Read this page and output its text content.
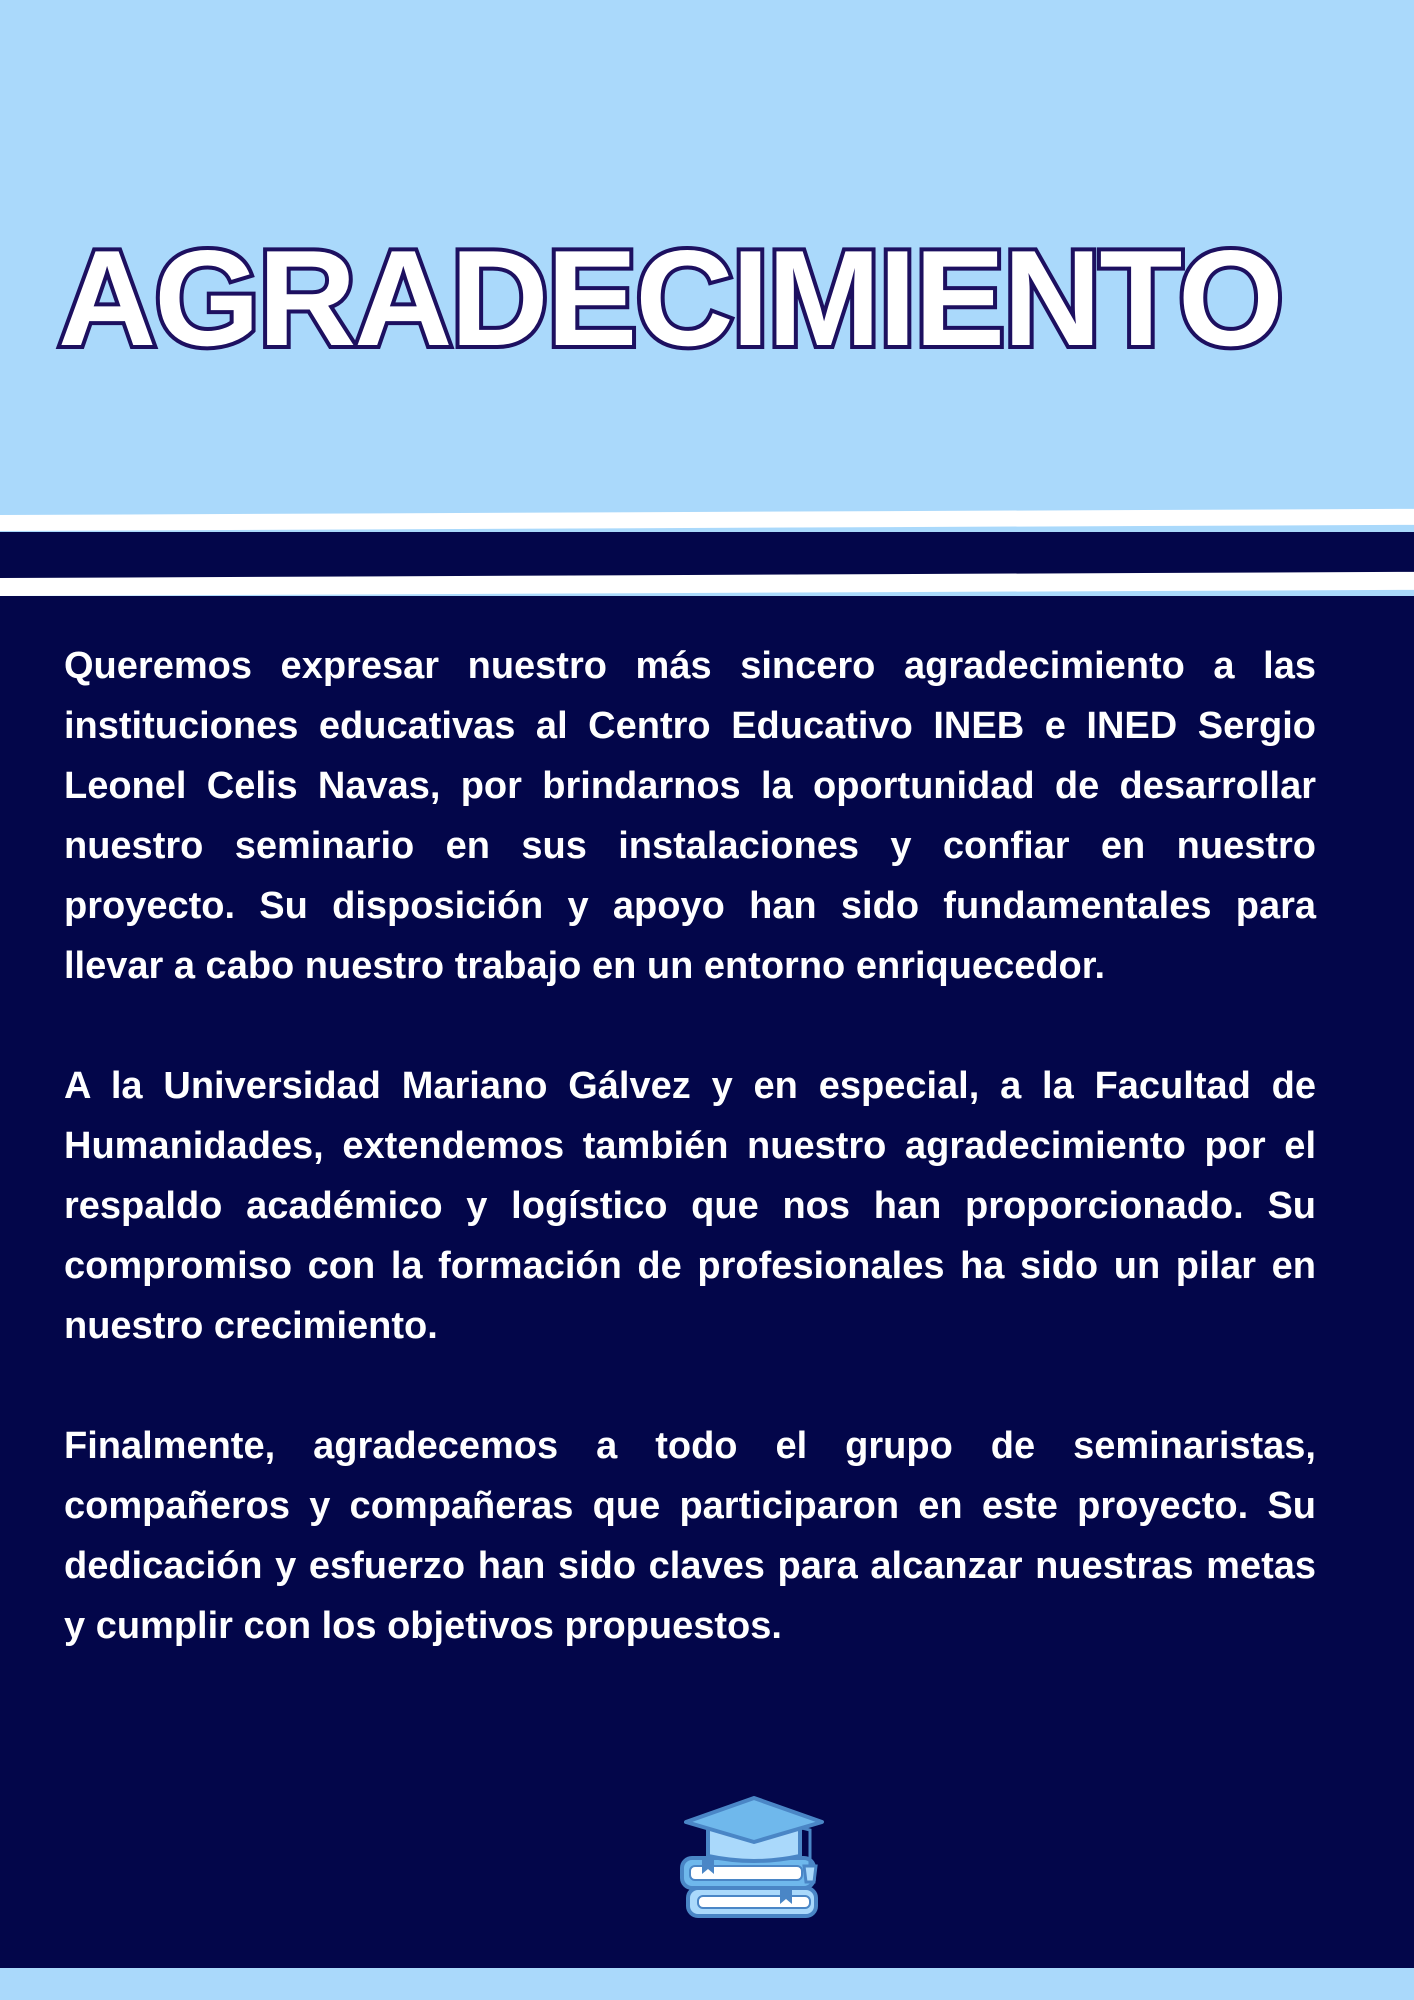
AGRADECIMIENTO

Queremos expresar nuestro más sincero agradecimiento a las instituciones educativas al Centro Educativo INEB e INED Sergio Leonel Celis Navas, por brindarnos la oportunidad de desarrollar nuestro seminario en sus instalaciones y confiar en nuestro proyecto. Su disposición y apoyo han sido fundamentales para llevar a cabo nuestro trabajo en un entorno enriquecedor.

A la Universidad Mariano Gálvez y en especial, a la Facultad de Humanidades, extendemos también nuestro agradecimiento por el respaldo académico y logístico que nos han proporcionado. Su compromiso con la formación de profesionales ha sido un pilar en nuestro crecimiento.

Finalmente, agradecemos a todo el grupo de seminaristas, compañeros y compañeras que participaron en este proyecto. Su dedicación y esfuerzo han sido claves para alcanzar nuestras metas y cumplir con los objetivos propuestos.
